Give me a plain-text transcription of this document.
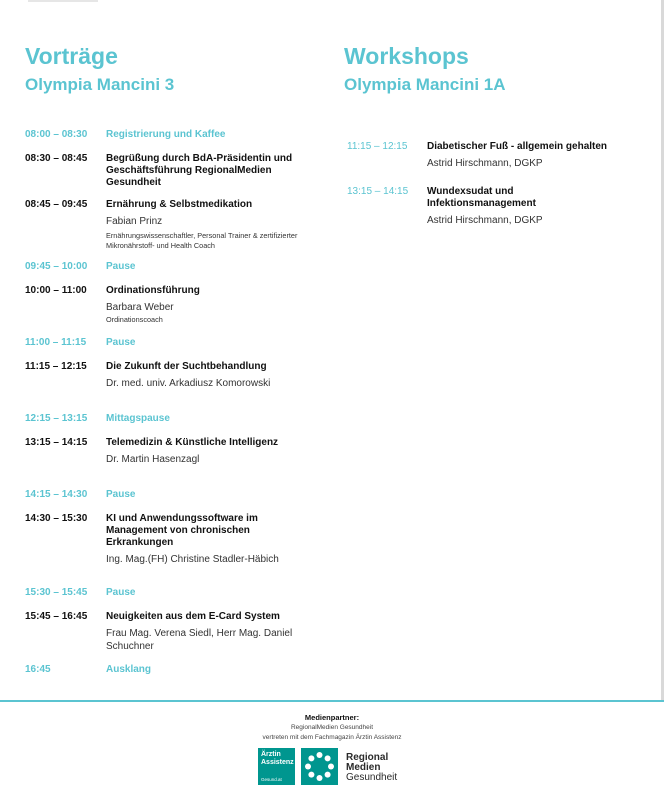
Vorträge
Olympia Mancini 3
08:00 – 08:30	Registrierung und Kaffee
08:30 – 08:45	Begrüßung durch BdA-Präsidentin und Geschäftsführung RegionalMedien Gesundheit
08:45 – 09:45	Ernährung & Selbstmedikation
Fabian Prinz
Ernährungswissenschaftler, Personal Trainer & zertifizierter Mikronährstoff- und Health Coach
09:45 – 10:00	Pause
10:00 – 11:00	Ordinationsführung
Barbara Weber
Ordinationscoach
11:00 – 11:15	Pause
11:15 – 12:15	Die Zukunft der Suchtbehandlung
Dr. med. univ. Arkadiusz Komorowski
12:15 – 13:15	Mittagspause
13:15 – 14:15	Telemedizin & Künstliche Intelligenz
Dr. Martin Hasenzagl
14:15 – 14:30	Pause
14:30 – 15:30	KI und Anwendungssoftware im Management von chronischen Erkrankungen
Ing. Mag.(FH) Christine Stadler-Häbich
15:30 – 15:45	Pause
15:45 – 16:45	Neuigkeiten aus dem E-Card System
Frau Mag. Verena Siedl, Herr Mag. Daniel Schuchner
16:45	Ausklang
Workshops
Olympia Mancini 1A
11:15 – 12:15	Diabetischer Fuß - allgemein gehalten
Astrid Hirschmann, DGKP
13:15 – 14:15	Wundexsudat und Infektionsmanagement
Astrid Hirschmann, DGKP
Medienpartner:
RegionalMedien Gesundheit
vertreten mit dem Fachmagazin Ärztin Assistenz
Ärztin
Assistenz
Gesund.at
Regional
Medien
Gesundheit
